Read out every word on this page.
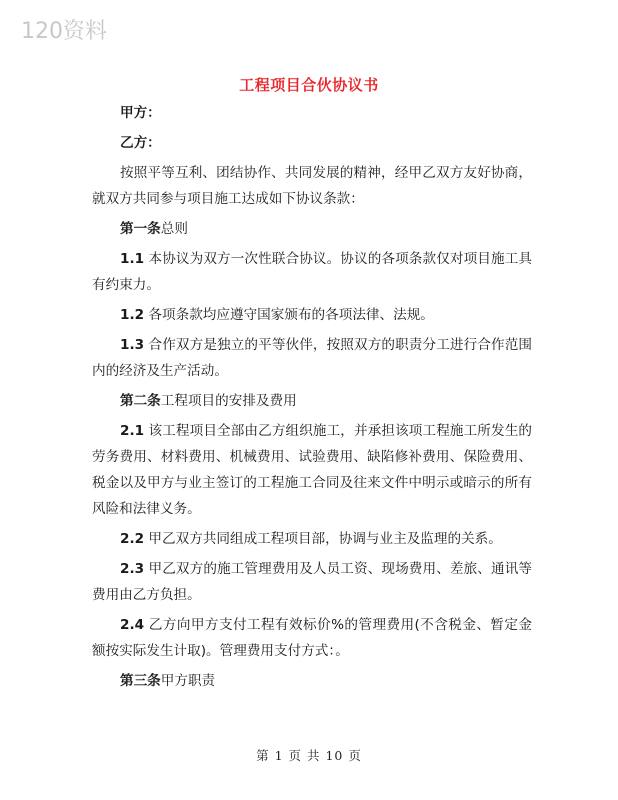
120资料
工程项目合伙协议书

甲方：

乙方：

按照平等互利、团结协作、共同发展的精神，经甲乙双方友好协商，就双方共同参与项目施工达成如下协议条款：

第一条总则

1.1 本协议为双方一次性联合协议。协议的各项条款仅对项目施工具有约束力。

1.2 各项条款均应遵守国家颁布的各项法律、法规。

1.3 合作双方是独立的平等伙伴，按照双方的职责分工进行合作范围内的经济及生产活动。

第二条工程项目的安排及费用

2.1 该工程项目全部由乙方组织施工，并承担该项工程施工所发生的劳务费用、材料费用、机械费用、试验费用、缺陷修补费用、保险费用、税金以及甲方与业主签订的工程施工合同及往来文件中明示或暗示的所有风险和法律义务。

2.2 甲乙双方共同组成工程项目部，协调与业主及监理的关系。

2.3 甲乙双方的施工管理费用及人员工资、现场费用、差旅、通讯等费用由乙方负担。

2.4 乙方向甲方支付工程有效标价%的管理费用(不含税金、暂定金额按实际发生计取)。管理费用支付方式：。

第三条甲方职责

第 1 页 共 10 页
